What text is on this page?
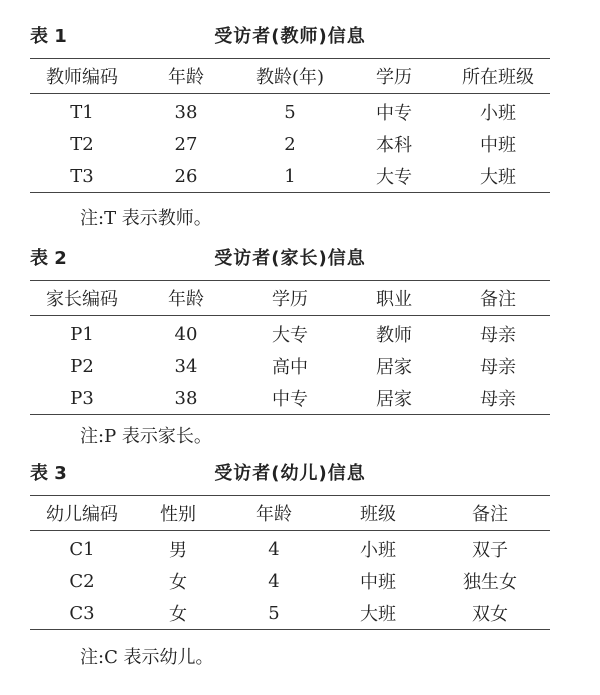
表 1	受访者(教师)信息
教师编码	年龄	教龄(年)	学历	所在班级
T1	38	5	中专	小班
T2	27	2	本科	中班
T3	26	1	大专	大班
注:T 表示教师。
表 2	受访者(家长)信息
家长编码	年龄	学历	职业	备注
P1	40	大专	教师	母亲
P2	34	高中	居家	母亲
P3	38	中专	居家	母亲
注:P 表示家长。
表 3	受访者(幼儿)信息
幼儿编码	性别	年龄	班级	备注
C1	男	4	小班	双子
C2	女	4	中班	独生女
C3	女	5	大班	双女
注:C 表示幼儿。
